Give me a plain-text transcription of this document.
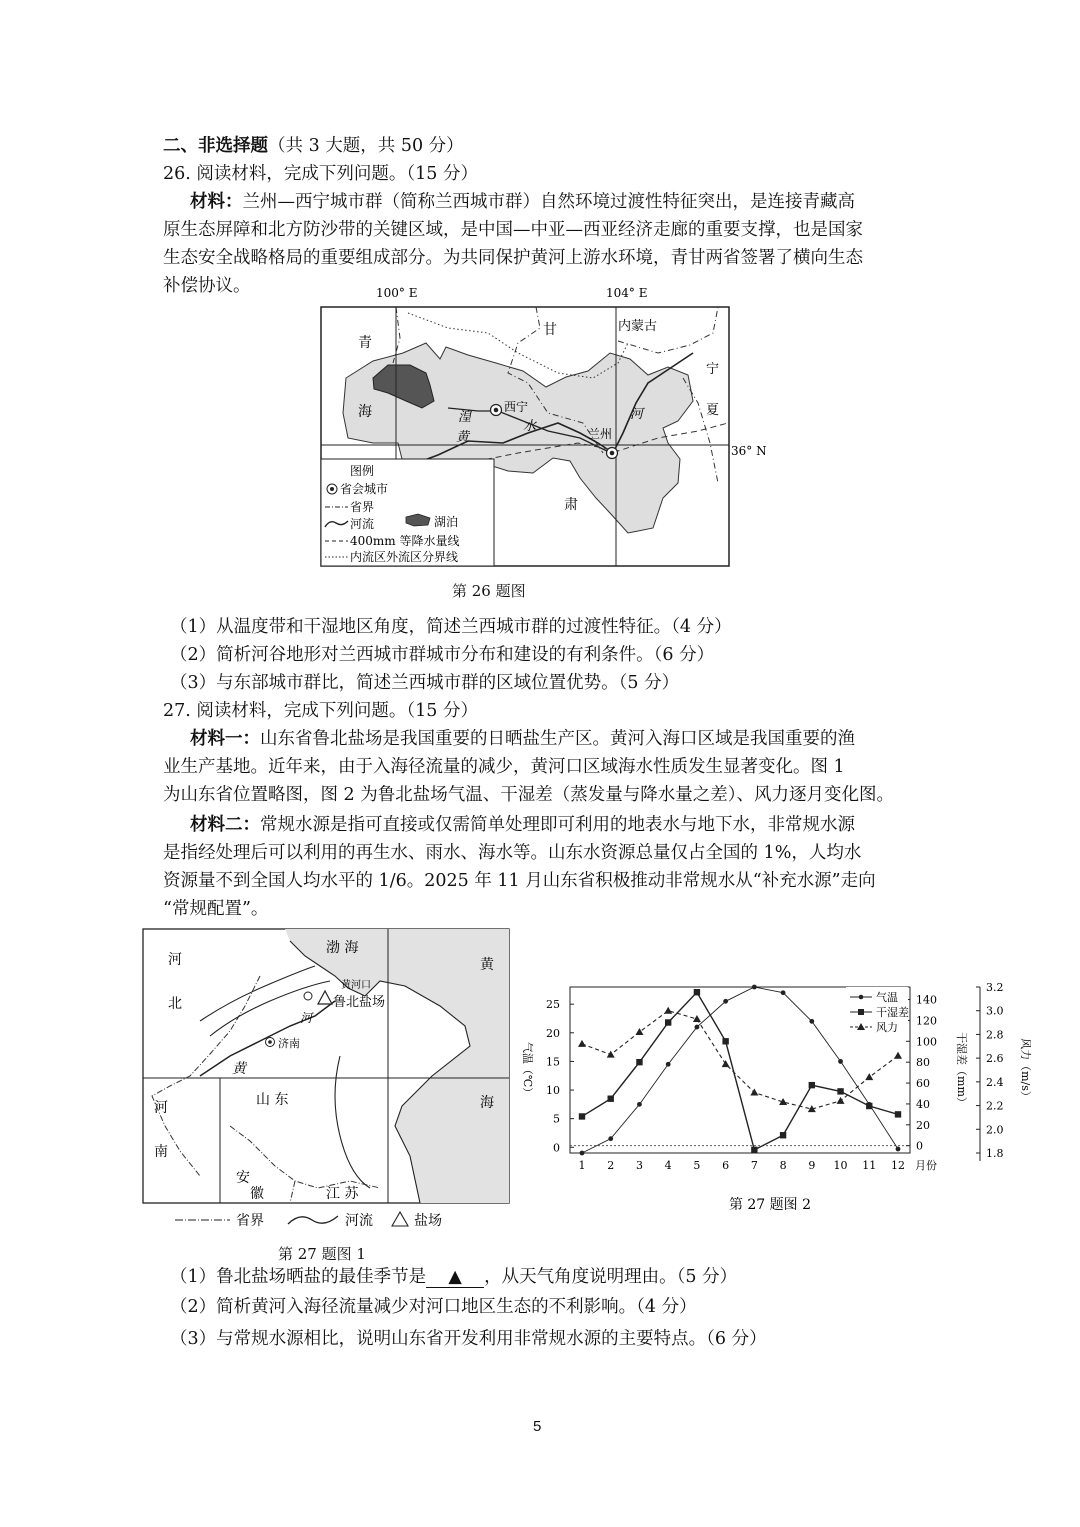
二、非选择题（共 3 大题，共 50 分）
26. 阅读材料，完成下列问题。（15 分）
材料：兰州—西宁城市群（简称兰西城市群）自然环境过渡性特征突出，是连接青藏高
原生态屏障和北方防沙带的关键区域，是中国—中亚—西亚经济走廊的重要支撑，也是国家
生态安全战略格局的重要组成部分。为共同保护黄河上游水环境，青甘两省签署了横向生态
补偿协议。	100° E	104° E
青
海
甘
肃
内蒙古
宁
夏
西宁
兰州
黄
河
湟
水
36° N
图例
省会城市
省界
河流	湖泊
400mm 等降水量线
内流区外流区分界线
第 26 题图
（1）从温度带和干湿地区角度，简述兰西城市群的过渡性特征。（4 分）
（2）简析河谷地形对兰西城市群城市分布和建设的有利条件。（6 分）
（3）与东部城市群比，简述兰西城市群的区域位置优势。（5 分）
27. 阅读材料，完成下列问题。（15 分）
材料一：山东省鲁北盐场是我国重要的日晒盐生产区。黄河入海口区域是我国重要的渔
业生产基地。近年来，由于入海径流量的减少，黄河口区域海水性质发生显著变化。图 1
为山东省位置略图，图 2 为鲁北盐场气温、干湿差（蒸发量与降水量之差）、风力逐月变化图。
材料二：常规水源是指可直接或仅需简单处理即可利用的地表水与地下水，非常规水源
是指经处理后可以利用的再生水、雨水、海水等。山东水资源总量仅占全国的 1%，人均水
资源量不到全国人均水平的 1/6。2025 年 11 月山东省积极推动非常规水从“补充水源”走向
“常规配置”。
河
北
渤 海
黄
海
黄河口
鲁北盐场
河
济南
黄
山 东
河
南
安
徽	江 苏
省界	河流	盐场
第 27 题图 1
0
5
10
15
20
25
0
20
40
60
80
100
120
140
1.8
2.0
2.2
2.4
2.6
2.8
3.0
3.2
1 2 3 4 5 6 7 8 9 10 11 12 月份
气温（℃）	干湿差（mm）	风力（m/s）
气温
干湿差
风力
第 27 题图 2
（1）鲁北盐场晒盐的最佳季节是 ▲ ，从天气角度说明理由。（5 分）
（2）简析黄河入海径流量减少对河口地区生态的不利影响。（4 分）
（3）与常规水源相比，说明山东省开发利用非常规水源的主要特点。（6 分）
5
